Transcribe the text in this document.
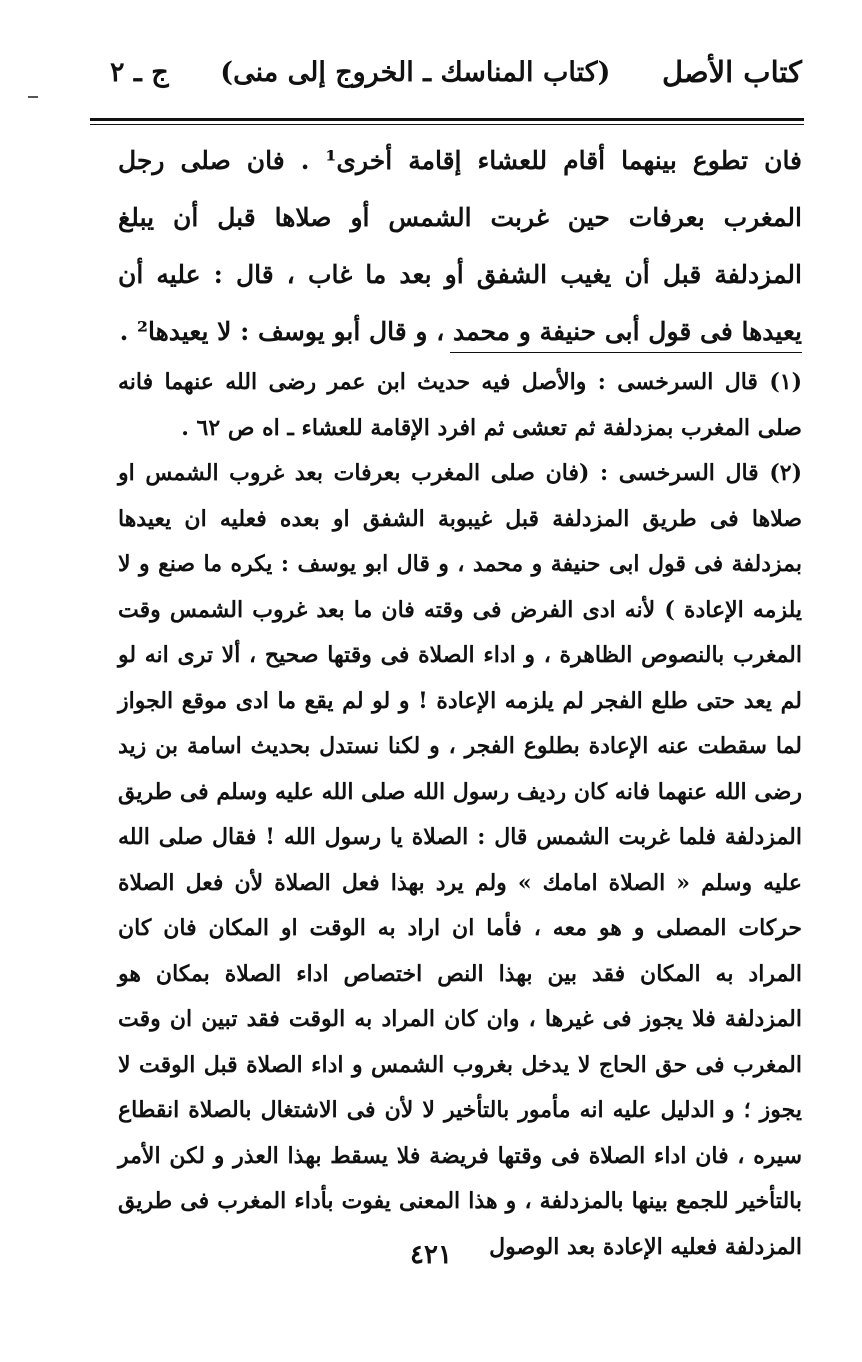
كتاب الأصل
(كتاب المناسك ـ الخروج إلى منى)
ج ـ ٢

فان تطوع بينهما أقام للعشاء إقامة أخرى¹ . فان صلى رجل المغرب بعرفات حين غربت الشمس أو صلاها قبل أن يبلغ المزدلفة قبل أن يغيب الشفق أو بعد ما غاب ، قال : عليه أن يعيدها فى قول أبى حنيفة و محمد ، و قال أبو يوسف : لا يعيدها² .

(١) قال السرخسى : والأصل فيه حديث ابن عمر رضى الله عنهما فانه صلى المغرب بمزدلفة ثم تعشى ثم افرد الإقامة للعشاء ـ اه ص ٦٢ .

(٢) قال السرخسى : (فان صلى المغرب بعرفات بعد غروب الشمس او صلاها فى طريق المزدلفة قبل غيبوبة الشفق او بعده فعليه ان يعيدها بمزدلفة فى قول ابى حنيفة و محمد ، و قال ابو يوسف : يكره ما صنع و لا يلزمه الإعادة ) لأنه ادى الفرض فى وقته فان ما بعد غروب الشمس وقت المغرب بالنصوص الظاهرة ، و اداء الصلاة فى وقتها صحيح ، ألا ترى انه لو لم يعد حتى طلع الفجر لم يلزمه الإعادة ! و لو لم يقع ما ادى موقع الجواز لما سقطت عنه الإعادة بطلوع الفجر ، و لكنا نستدل بحديث اسامة بن زيد رضى الله عنهما فانه كان رديف رسول الله صلى الله عليه وسلم فى طريق المزدلفة فلما غربت الشمس قال : الصلاة يا رسول الله ! فقال صلى الله عليه وسلم « الصلاة امامك » ولم يرد بهذا فعل الصلاة لأن فعل الصلاة حركات المصلى و هو معه ، فأما ان اراد به الوقت او المكان فان كان المراد به المكان فقد بين بهذا النص اختصاص اداء الصلاة بمكان هو المزدلفة فلا يجوز فى غيرها ، وان كان المراد به الوقت فقد تبين ان وقت المغرب فى حق الحاج لا يدخل بغروب الشمس و اداء الصلاة قبل الوقت لا يجوز ؛ و الدليل عليه انه مأمور بالتأخير لا لأن فى الاشتغال بالصلاة انقطاع سيره ، فان اداء الصلاة فى وقتها فريضة فلا يسقط بهذا العذر و لكن الأمر بالتأخير للجمع بينها بالمزدلفة ، و هذا المعنى يفوت بأداء المغرب فى طريق المزدلفة فعليه الإعادة بعد الوصول

٤٢١
